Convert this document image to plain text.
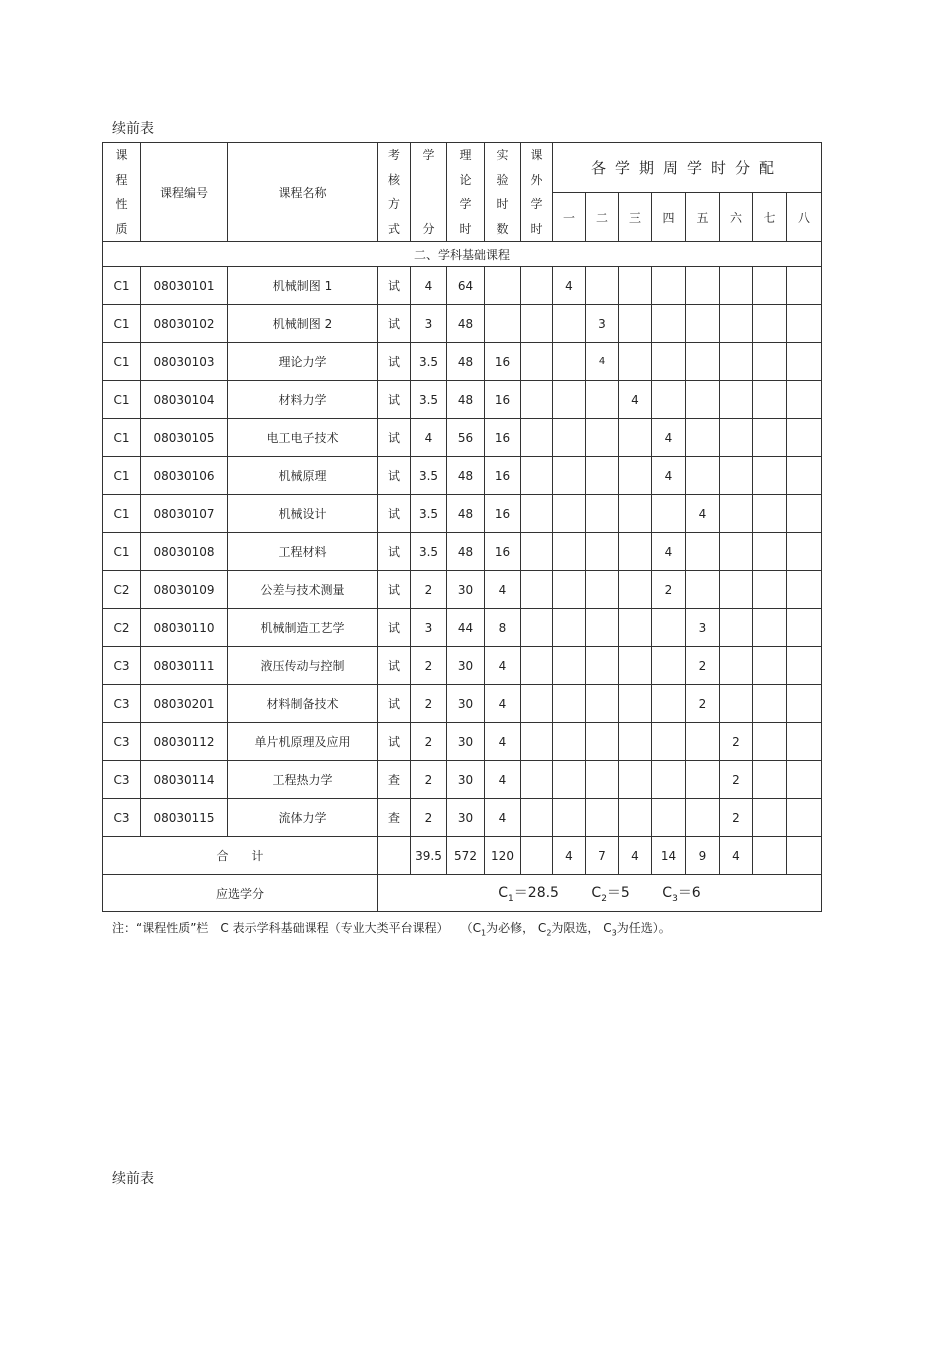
续前表
课
程
性
质	课程编号	课程名称	考
核
方
式	学

分	理
论
学
时	实
验
时
数	课
外
学
时	各学期周学时分配							
								一	二	三	四	五	六	七	八
二、学科基础课程															
C1	08030101	机械制图 1	试	4	64			4							
C1	08030102	机械制图 2	试	3	48				3						
C1	08030103	理论力学	试	3.5	48	16			4						
C1	08030104	材料力学	试	3.5	48	16				4					
C1	08030105	电工电子技术	试	4	56	16					4				
C1	08030106	机械原理	试	3.5	48	16					4				
C1	08030107	机械设计	试	3.5	48	16						4			
C1	08030108	工程材料	试	3.5	48	16					4				
C2	08030109	公差与技术测量	试	2	30	4					2				
C2	08030110	机械制造工艺学	试	3	44	8						3			
C3	08030111	液压传动与控制	试	2	30	4						2			
C3	08030201	材料制备技术	试	2	30	4						2			
C3	08030112	单片机原理及应用	试	2	30	4							2		
C3	08030114	工程热力学	查	2	30	4							2		
C3	08030115	流体力学	查	2	30	4							2		
合      计				39.5	572	120		4	7	4	14	9	4		
应选学分			$C_1=28.5$ $C_2=5$ $C_3=6$												
注：“课程性质”栏　C 表示学科基础课程（专业大类平台课程）　　（$C_1$为必修， $C_2$为限选， $C_3$为任选）。
续前表
